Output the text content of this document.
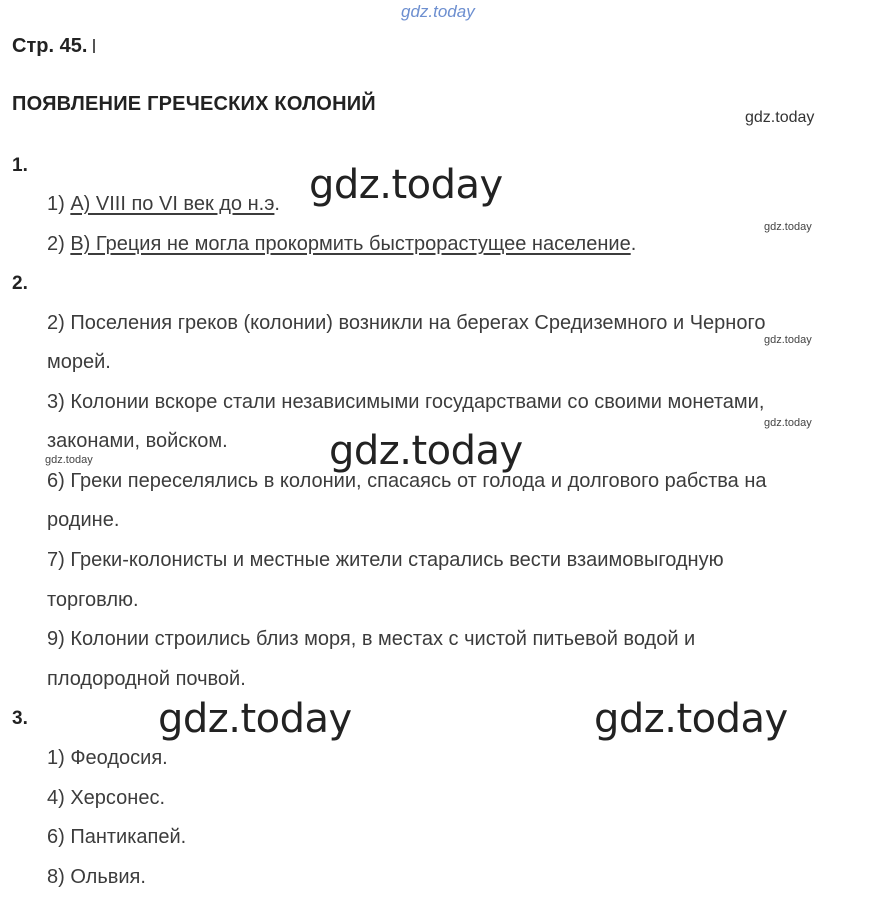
gdz.today
Стр. 45.
ПОЯВЛЕНИЕ ГРЕЧЕСКИХ КОЛОНИЙ
1.
1) А) VIII по VI век до н.э.
2) В) Греция не могла прокормить быстрорастущее население.
2.
2) Поселения греков (колонии) возникли на берегах Средиземного и Черного
морей.
3) Колонии вскоре стали независимыми государствами со своими монетами,
законами, войском.
6) Греки переселялись в колонии, спасаясь от голода и долгового рабства на
родине.
7) Греки-колонисты и местные жители старались вести взаимовыгодную
торговлю.
9) Колонии строились близ моря, в местах с чистой питьевой водой и
плодородной почвой.
3.
1) Феодосия.
4) Херсонес.
6) Пантикапей.
8) Ольвия.
gdz.today
gdz.today
gdz.today	gdz.today
gdz.today
gdz.today
gdz.today
gdz.today
gdz.today
